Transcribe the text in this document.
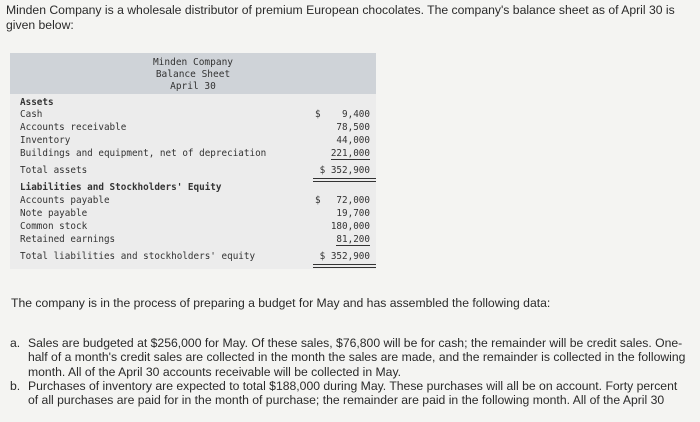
Minden Company is a wholesale distributor of premium European chocolates. The company's balance sheet as of April 30 is given below:
Minden Company
Balance Sheet
April 30
Assets
Cash	$ 9,400
Accounts receivable	78,500
Inventory	44,000
Buildings and equipment, net of depreciation	221,000
Total assets	$ 352,900
Liabilities and Stockholders' Equity
Accounts payable	$ 72,000
Note payable	19,700
Common stock	180,000
Retained earnings	81,200
Total liabilities and stockholders' equity	$ 352,900
The company is in the process of preparing a budget for May and has assembled the following data:
a. Sales are budgeted at $256,000 for May. Of these sales, $76,800 will be for cash; the remainder will be credit sales. One-half of a month's credit sales are collected in the month the sales are made, and the remainder is collected in the following month. All of the April 30 accounts receivable will be collected in May.
b. Purchases of inventory are expected to total $188,000 during May. These purchases will all be on account. Forty percent of all purchases are paid for in the month of purchase; the remainder are paid in the following month. All of the April 30
